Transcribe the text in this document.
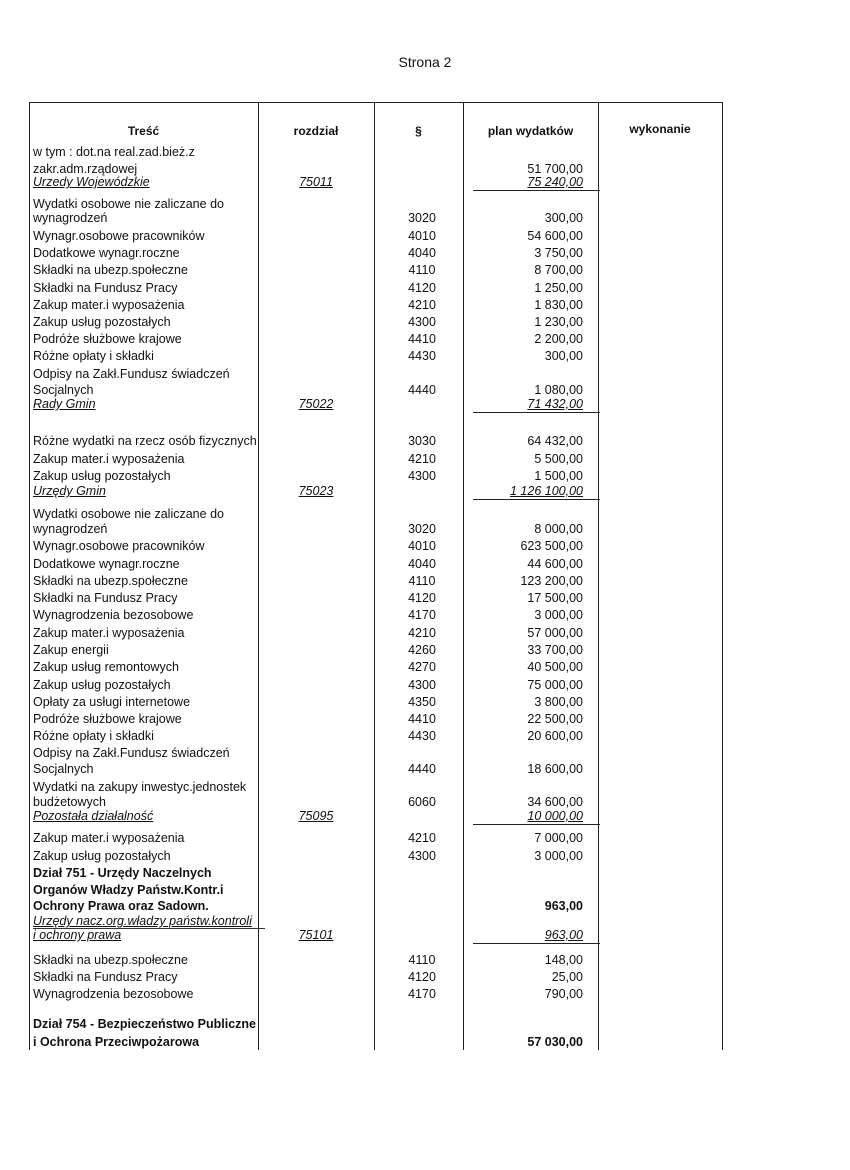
Strona 2
Treść	rozdział	§	plan wydatków	wykonanie
w tym : dot.na real.zad.bież.z
zakr.adm.rządowej	51 700,00
Urzedy Wojewódzkie	75011	75 240,00
Wydatki osobowe nie zaliczane do
wynagrodzeń	3020	300,00
Wynagr.osobowe pracowników	4010	54 600,00
Dodatkowe wynagr.roczne	4040	3 750,00
Składki na ubezp.społeczne	4110	8 700,00
Składki na Fundusz Pracy	4120	1 250,00
Zakup mater.i wyposażenia	4210	1 830,00
Zakup usług pozostałych	4300	1 230,00
Podróże służbowe krajowe	4410	2 200,00
Różne opłaty i składki	4430	300,00
Odpisy na Zakł.Fundusz świadczeń
Socjalnych	4440	1 080,00
Rady Gmin	75022	71 432,00
Różne wydatki na rzecz osób fizycznych	3030	64 432,00
Zakup mater.i wyposażenia	4210	5 500,00
Zakup usług pozostałych	4300	1 500,00
Urzędy Gmin	75023	1 126 100,00
Wydatki osobowe nie zaliczane do
wynagrodzeń	3020	8 000,00
Wynagr.osobowe pracowników	4010	623 500,00
Dodatkowe wynagr.roczne	4040	44 600,00
Składki na ubezp.społeczne	4110	123 200,00
Składki na Fundusz Pracy	4120	17 500,00
Wynagrodzenia bezosobowe	4170	3 000,00
Zakup mater.i wyposażenia	4210	57 000,00
Zakup energii	4260	33 700,00
Zakup usług remontowych	4270	40 500,00
Zakup usług pozostałych	4300	75 000,00
Opłaty za usługi internetowe	4350	3 800,00
Podróże służbowe krajowe	4410	22 500,00
Różne opłaty i składki	4430	20 600,00
Odpisy na Zakł.Fundusz świadczeń
Socjalnych	4440	18 600,00
Wydatki na zakupy inwestyc.jednostek
budżetowych	6060	34 600,00
Pozostała działalność	75095	10 000,00
Zakup mater.i wyposażenia	4210	7 000,00
Zakup usług pozostałych	4300	3 000,00
Dział 751 - Urzędy Naczelnych
Organów Władzy Państw.Kontr.i
Ochrony Prawa oraz Sadown.	963,00
Urzędy nacz.org.władzy państw.kontroli
i ochrony prawa	75101	963,00
Składki na ubezp.społeczne	4110	148,00
Składki na Fundusz Pracy	4120	25,00
Wynagrodzenia bezosobowe	4170	790,00
Dział 754 - Bezpieczeństwo Publiczne
i Ochrona Przeciwpożarowa	57 030,00
